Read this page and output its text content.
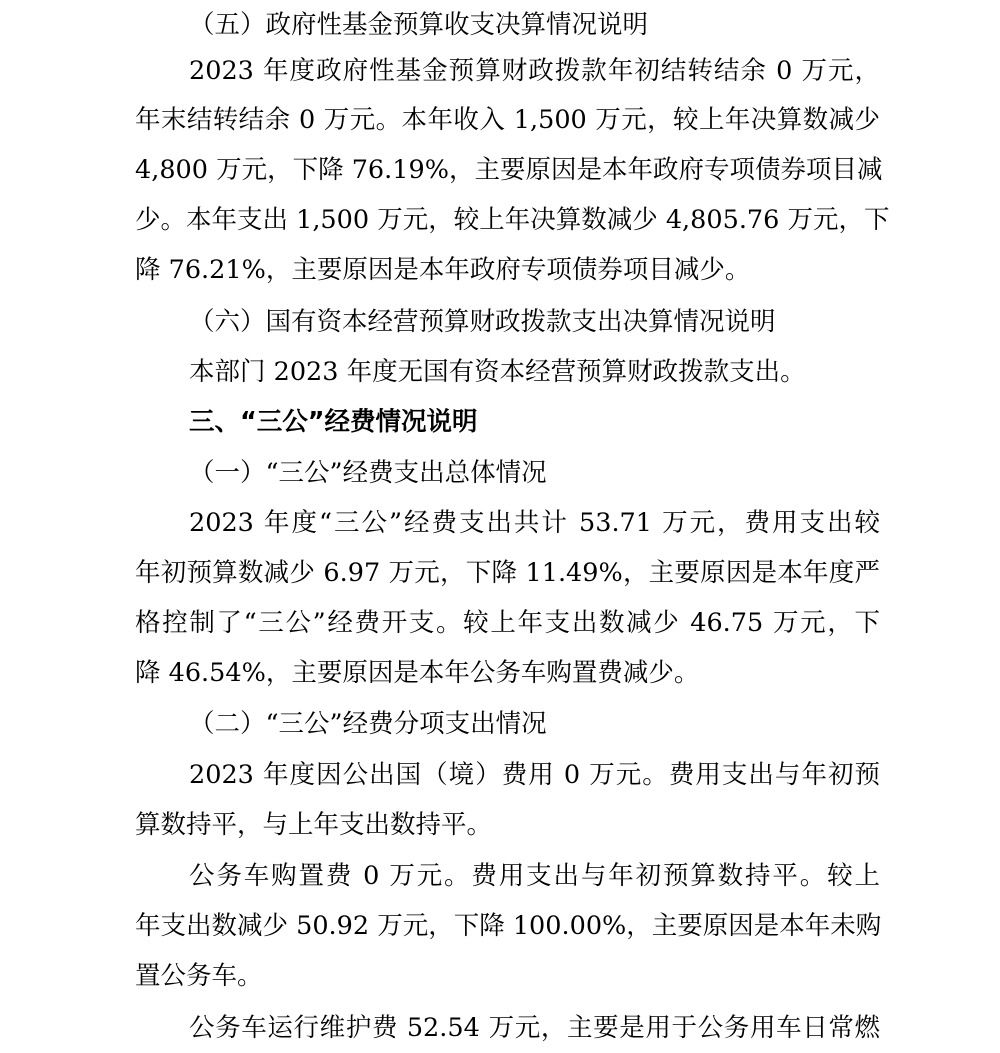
（五）政府性基金预算收支决算情况说明
2023 年度政府性基金预算财政拨款年初结转结余 0 万元，
年末结转结余 0 万元。本年收入 1,500 万元，较上年决算数减少
4,800 万元，下降 76.19%，主要原因是本年政府专项债券项目减
少。本年支出 1,500 万元，较上年决算数减少 4,805.76 万元，下
降 76.21%，主要原因是本年政府专项债券项目减少。
（六）国有资本经营预算财政拨款支出决算情况说明
本部门 2023 年度无国有资本经营预算财政拨款支出。
三、“三公”经费情况说明
（一）“三公”经费支出总体情况
2023 年度“三公”经费支出共计 53.71 万元，费用支出较
年初预算数减少 6.97 万元，下降 11.49%，主要原因是本年度严
格控制了“三公”经费开支。较上年支出数减少 46.75 万元，下
降 46.54%，主要原因是本年公务车购置费减少。
（二）“三公”经费分项支出情况
2023 年度因公出国（境）费用 0 万元。费用支出与年初预
算数持平，与上年支出数持平。
公务车购置费 0 万元。费用支出与年初预算数持平。较上
年支出数减少 50.92 万元，下降 100.00%，主要原因是本年未购
置公务车。
公务车运行维护费 52.54 万元，主要是用于公务用车日常燃
